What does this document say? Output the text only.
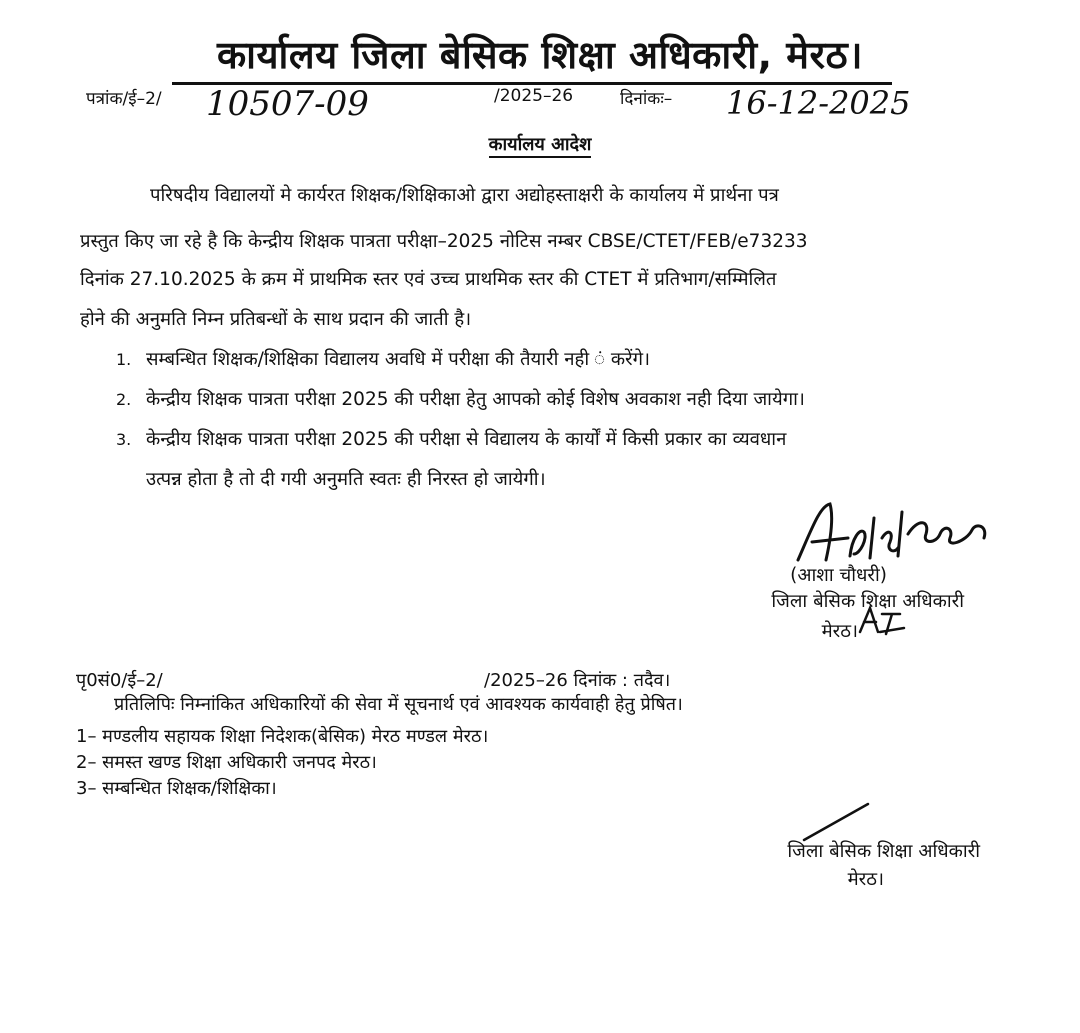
कार्यालय जिला बेसिक शिक्षा अधिकारी, मेरठ।
पत्रांक/ई–2/ 10507-09	/2025–26	दिनांकः– 16-12-2025
कार्यालय आदेश
परिषदीय विद्यालयों मे कार्यरत शिक्षक/शिक्षिकाओ द्वारा अद्योहस्ताक्षरी के कार्यालय में प्रार्थना पत्र
प्रस्तुत किए जा रहे है कि केन्द्रीय शिक्षक पात्रता परीक्षा–2025 नोटिस नम्बर CBSE/CTET/FEB/e73233
दिनांक 27.10.2025 के क्रम में प्राथमिक स्तर एवं उच्च प्राथमिक स्तर की CTET में प्रतिभाग/सम्मिलित
होने की अनुमति निम्न प्रतिबन्धों के साथ प्रदान की जाती है।
1. सम्बन्धित शिक्षक/शिक्षिका विद्यालय अवधि में परीक्षा की तैयारी नही ं करेंगे।
2. केन्द्रीय शिक्षक पात्रता परीक्षा 2025 की परीक्षा हेतु आपको कोई विशेष अवकाश नही दिया जायेगा।
3. केन्द्रीय शिक्षक पात्रता परीक्षा 2025 की परीक्षा से विद्यालय के कार्यों में किसी प्रकार का व्यवधान
उत्पन्न होता है तो दी गयी अनुमति स्वतः ही निरस्त हो जायेगी।
(आशा चौधरी)
जिला बेसिक शिक्षा अधिकारी
मेरठ।
पृ0सं0/ई–2/	/2025–26 दिनांक : तदैव।
प्रतिलिपिः निम्नांकित अधिकारियों की सेवा में सूचनार्थ एवं आवश्यक कार्यवाही हेतु प्रेषित।
1– मण्डलीय सहायक शिक्षा निदेशक(बेसिक) मेरठ मण्डल मेरठ।
2– समस्त खण्ड शिक्षा अधिकारी जनपद मेरठ।
3– सम्बन्धित शिक्षक/शिक्षिका।
जिला बेसिक शिक्षा अधिकारी
मेरठ।
